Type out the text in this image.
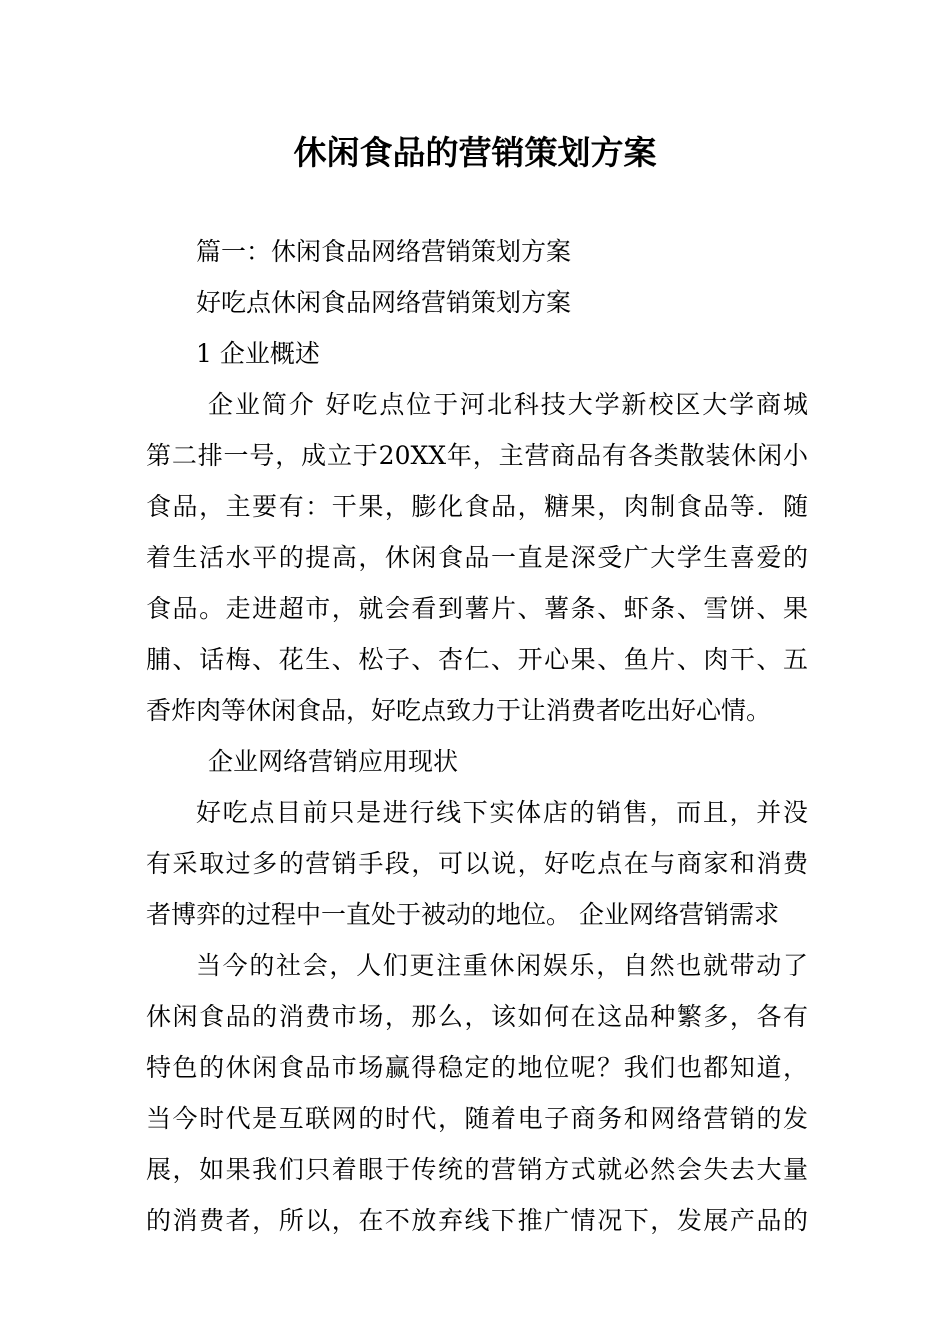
休闲食品的营销策划方案
篇一：休闲食品网络营销策划方案
好吃点休闲食品网络营销策划方案
1 企业概述
企业简介 好吃点位于河北科技大学新校区大学商城
第二排一号，成立于20XX年，主营商品有各类散装休闲小
食品，主要有：干果，膨化食品，糖果，肉制食品等．随
着生活水平的提高，休闲食品一直是深受广大学生喜爱的
食品。走进超市，就会看到薯片、薯条、虾条、雪饼、果
脯、话梅、花生、松子、杏仁、开心果、鱼片、肉干、五
香炸肉等休闲食品，好吃点致力于让消费者吃出好心情。
企业网络营销应用现状
好吃点目前只是进行线下实体店的销售，而且，并没
有采取过多的营销手段，可以说，好吃点在与商家和消费
者博弈的过程中一直处于被动的地位。 企业网络营销需求
当今的社会，人们更注重休闲娱乐，自然也就带动了
休闲食品的消费市场，那么，该如何在这品种繁多，各有
特色的休闲食品市场赢得稳定的地位呢？我们也都知道，
当今时代是互联网的时代，随着电子商务和网络营销的发
展，如果我们只着眼于传统的营销方式就必然会失去大量
的消费者，所以，在不放弃线下推广情况下，发展产品的
